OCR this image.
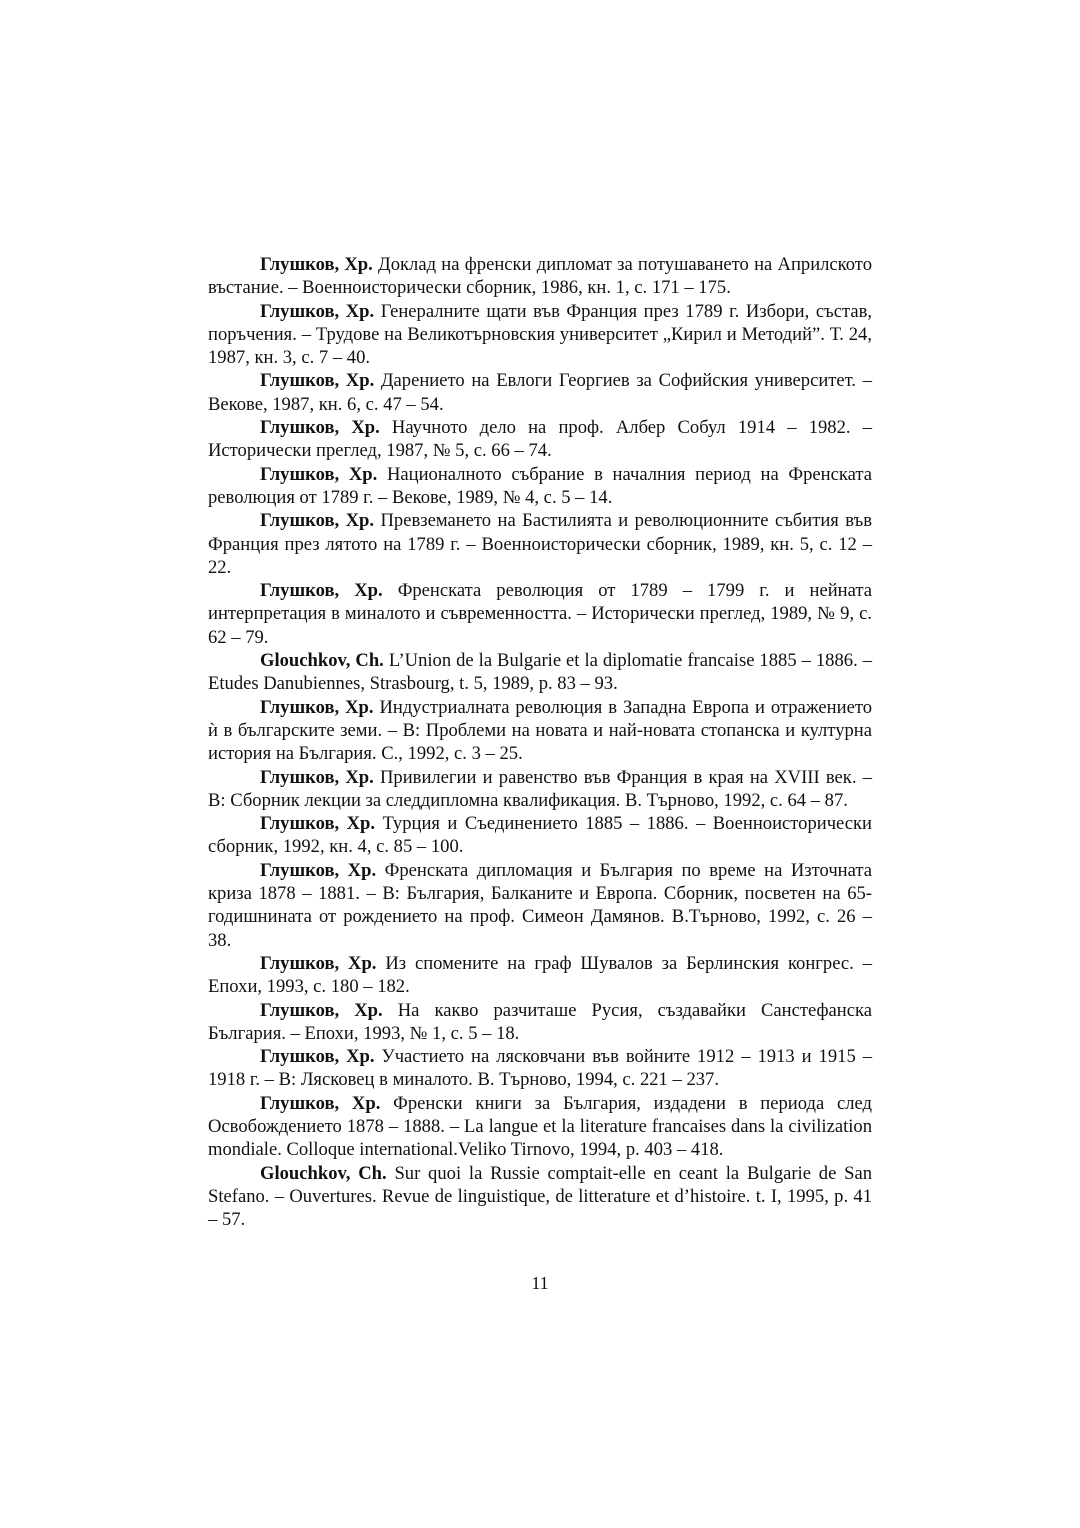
Глушков, Хр. Доклад на френски дипломат за потушаването на Априлското въстание. – Военноисторически сборник, 1986, кн. 1, с. 171 – 175.

Глушков, Хр. Генералните щати във Франция през 1789 г. Избори, състав, поръчения. – Трудове на Великотърновския университет „Кирил и Методий”. Т. 24, 1987, кн. 3, с. 7 – 40.

Глушков, Хр. Дарението на Евлоги Георгиев за Софийския университет. – Векове, 1987, кн. 6, с. 47 – 54.

Глушков, Хр. Научното дело на проф. Албер Собул 1914 – 1982. – Исторически преглед, 1987, № 5, с. 66 – 74.

Глушков, Хр. Националното събрание в началния период на Френската революция от 1789 г. – Векове, 1989, № 4, с. 5 – 14.

Глушков, Хр. Превземането на Бастилията и революционните събития във Франция през лятото на 1789 г. – Военноисторически сборник, 1989, кн. 5, с. 12 – 22.

Глушков, Хр. Френската революция от 1789 – 1799 г. и нейната интерпретация в миналото и съвременността. – Исторически преглед, 1989, № 9, с. 62 – 79.

Glouchkov, Ch. L’Union de la Bulgarie et la diplomatie francaise 1885 – 1886. – Etudes Danubiennes, Strasbourg, t. 5, 1989, p. 83 – 93.

Глушков, Хр. Индустриалната революция в Западна Европа и отражението ѝ в българските земи. – В: Проблеми на новата и най-новата стопанска и културна история на България. С., 1992, с. 3 – 25.

Глушков, Хр. Привилегии и равенство във Франция в края на XVIII век. – В: Сборник лекции за следдипломна квалификация. В. Търново, 1992, с. 64 – 87.

Глушков, Хр. Турция и Съединението 1885 – 1886. – Военноисторически сборник, 1992, кн. 4, с. 85 – 100.

Глушков, Хр. Френската дипломация и България по време на Източната криза 1878 – 1881. – В: България, Балканите и Европа. Сборник, посветен на 65-годишнината от рождението на проф. Симеон Дамянов. В.Търново, 1992, с. 26 – 38.

Глушков, Хр. Из спомените на граф Шувалов за Берлинския конгрес. – Епохи, 1993, с. 180 – 182.

Глушков, Хр. На какво разчиташе Русия, създавайки Санстефанска България. – Епохи, 1993, № 1, с. 5 – 18.

Глушков, Хр. Участието на лясковчани във войните 1912 – 1913 и 1915 – 1918 г. – В: Лясковец в миналото. В. Търново, 1994, с. 221 – 237.

Глушков, Хр. Френски книги за България, издадени в периода след Освобождението 1878 – 1888. – La langue et la literature francaises dans la civilization mondiale. Colloque international.Veliko Tirnovo, 1994, p. 403 – 418.

Glouchkov, Ch. Sur quoi la Russie comptait-elle en ceant la Bulgarie de San Stefano. – Ouvertures. Revue de linguistique, de litterature et d’histoire. t. I, 1995, p. 41 – 57.

11
